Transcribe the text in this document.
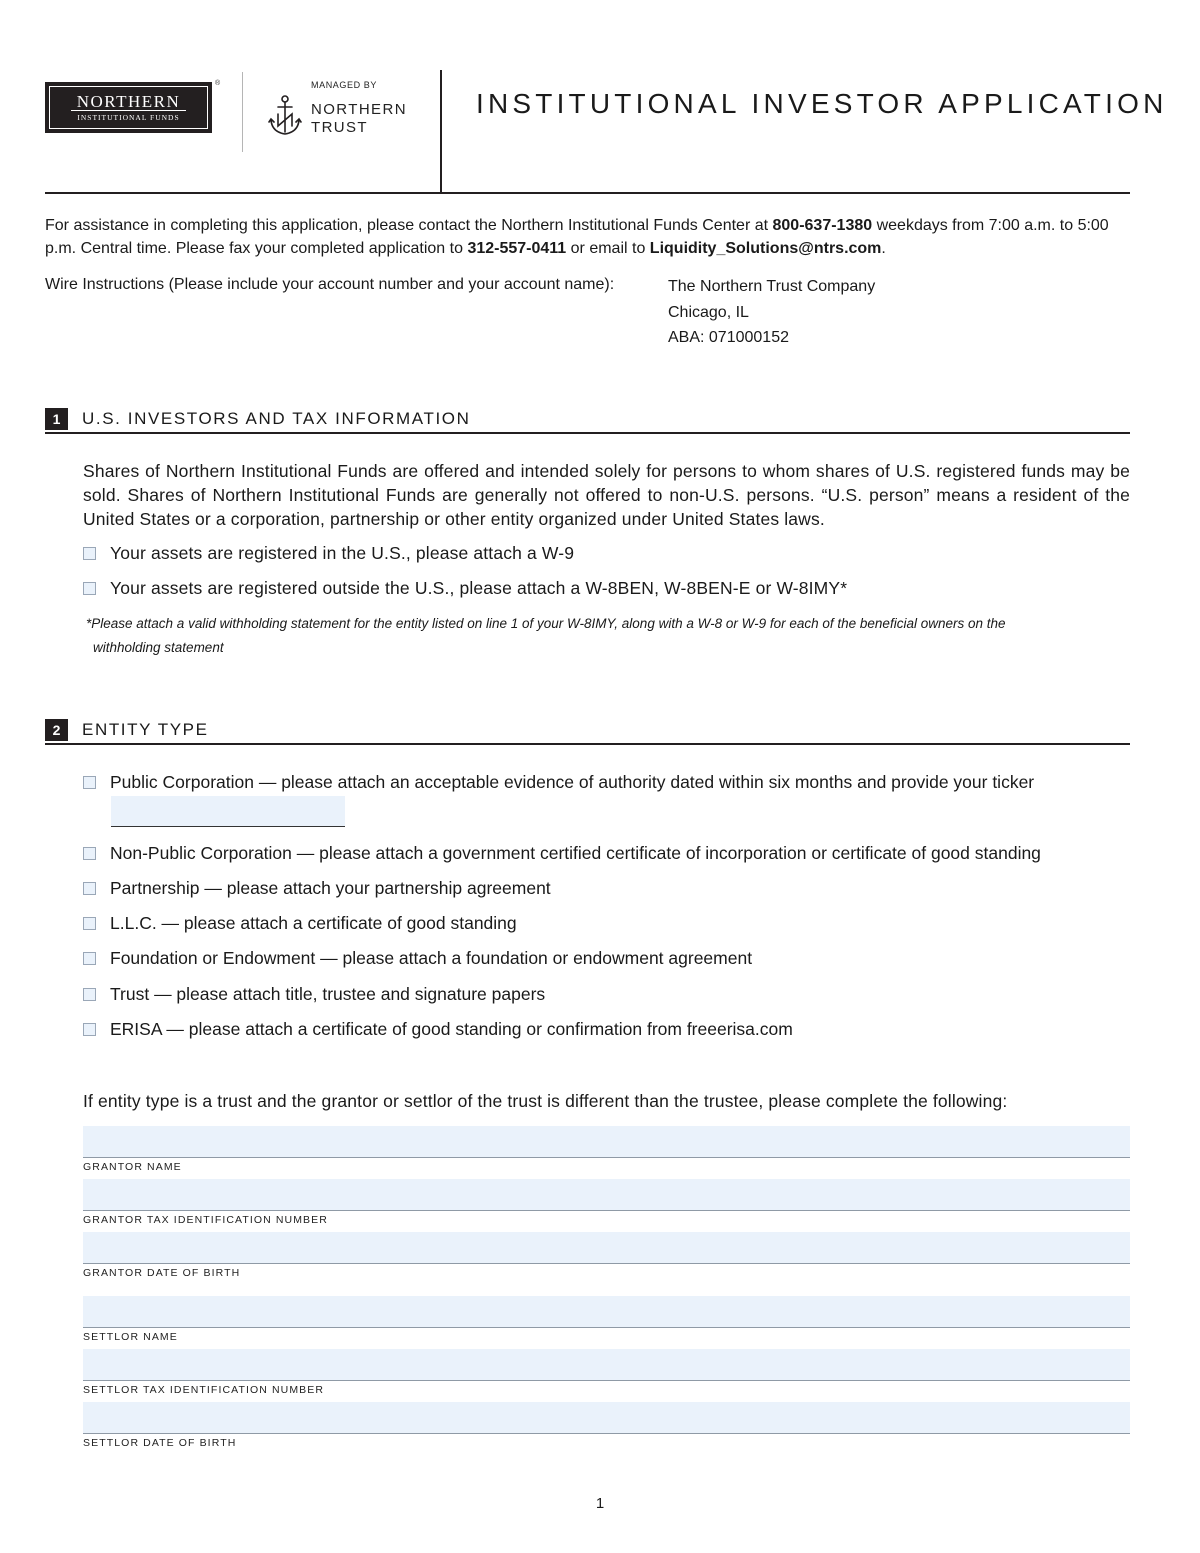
NORTHERN
INSTITUTIONAL FUNDS
®	MANAGED BY
NORTHERN
TRUST
INSTITUTIONAL INVESTOR APPLICATION
For assistance in completing this application, please contact the Northern Institutional Funds Center at 800-637-1380 weekdays from 7:00 a.m. to 5:00 p.m. Central time. Please fax your completed application to 312-557-0411 or email to Liquidity_Solutions@ntrs.com.
Wire Instructions (Please include your account number and your account name):	The Northern Trust Company
Chicago, IL
ABA: 071000152
1	U.S. INVESTORS AND TAX INFORMATION
Shares of Northern Institutional Funds are offered and intended solely for persons to whom shares of U.S. registered funds may be sold. Shares of Northern Institutional Funds are generally not offered to non-U.S. persons. “U.S. person” means a resident of the United States or a corporation, partnership or other entity organized under United States laws.
Your assets are registered in the U.S., please attach a W-9
Your assets are registered outside the U.S., please attach a W-8BEN, W-8BEN-E or W-8IMY*
*Please attach a valid withholding statement for the entity listed on line 1 of your W-8IMY, along with a W-8 or W-9 for each of the beneficial owners on the
withholding statement
2	ENTITY TYPE
Public Corporation — please attach an acceptable evidence of authority dated within six months and provide your ticker
Non-Public Corporation — please attach a government certified certificate of incorporation or certificate of good standing
Partnership — please attach your partnership agreement
L.L.C. — please attach a certificate of good standing
Foundation or Endowment — please attach a foundation or endowment agreement
Trust — please attach title, trustee and signature papers
ERISA — please attach a certificate of good standing or confirmation from freeerisa.com
If entity type is a trust and the grantor or settlor of the trust is different than the trustee, please complete the following:
GRANTOR NAME
GRANTOR TAX IDENTIFICATION NUMBER
GRANTOR DATE OF BIRTH
SETTLOR NAME
SETTLOR TAX IDENTIFICATION NUMBER
SETTLOR DATE OF BIRTH
1
